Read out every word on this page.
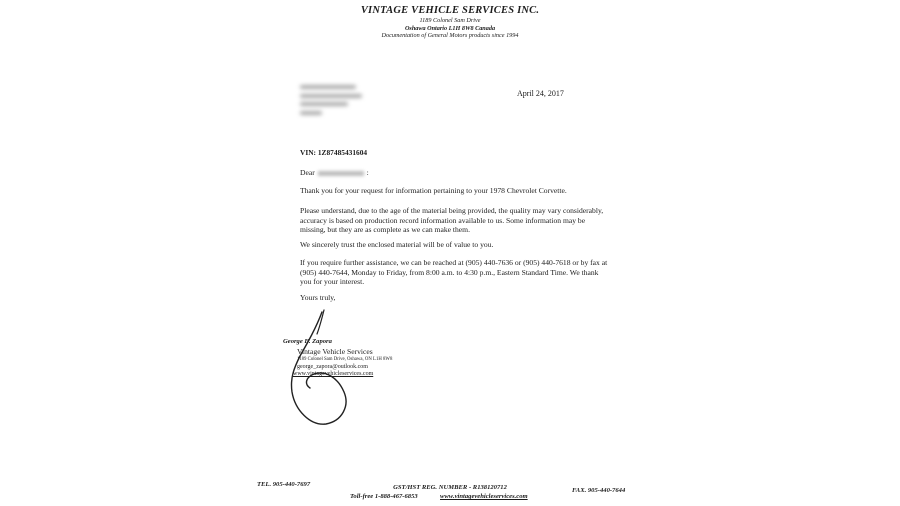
VINTAGE VEHICLE SERVICES INC.
1189 Colonel Sam Drive
Oshawa Ontario L1H 8W8 Canada
Documentation of General Motors products since 1994
April 24, 2017
VIN: 1Z87485431604
Dear	:
Thank you for your request for information pertaining to your 1978 Chevrolet Corvette.
Please understand, due to the age of the material being provided, the quality may vary considerably, accuracy is based on production record information available to us. Some information may be missing, but they are as complete as we can make them.
We sincerely trust the enclosed material will be of value to you.
If you require further assistance, we can be reached at (905) 440-7636 or (905) 440-7618 or by fax at (905) 440-7644, Monday to Friday, from 8:00 a.m. to 4:30 p.m., Eastern Standard Time. We thank you for your interest.
Yours truly,
George E. Zapora
Vintage Vehicle Services
1189 Colonel Sam Drive, Oshawa, ON L1H 8W8
george_zapora@outlook.com
www.vintagevehicleservices.com
TEL. 905-440-7697	GST/HST REG. NUMBER - R138120712	FAX. 905-440-7644
Toll-free 1-888-467-6853	www.vintagevehicleservices.com
